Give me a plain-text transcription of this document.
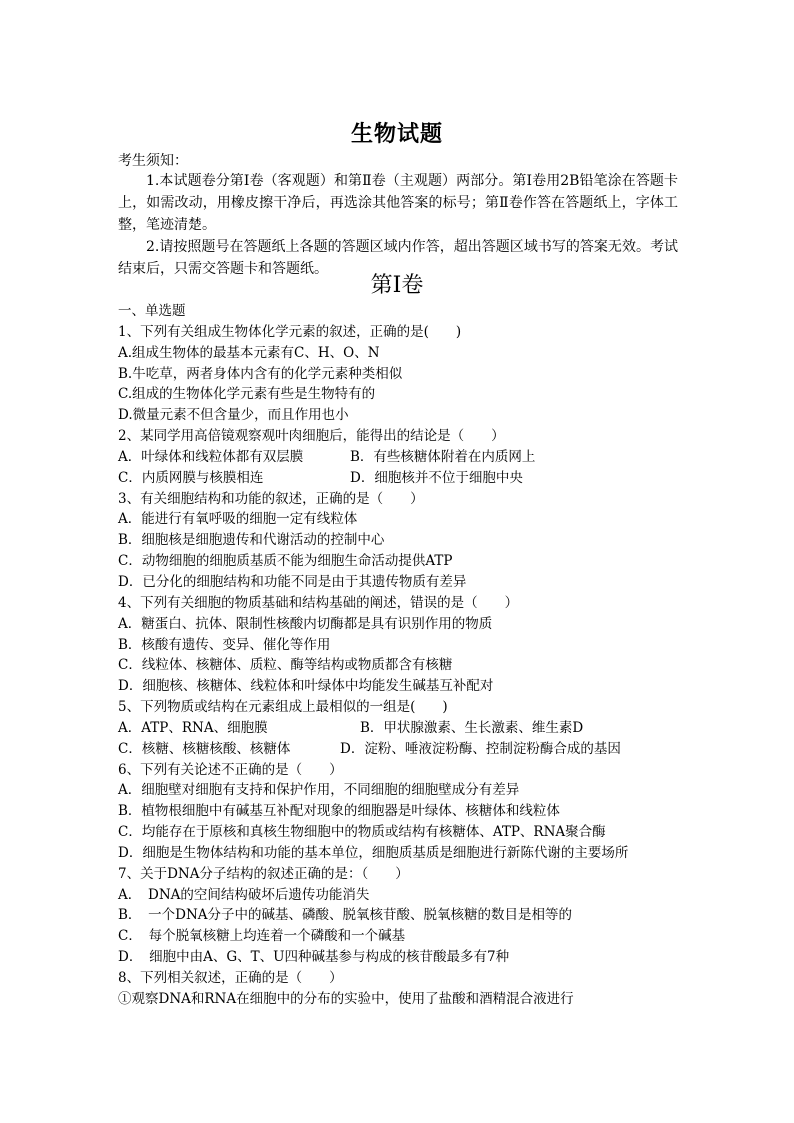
生物试题
考生须知：
1.本试题卷分第Ⅰ卷（客观题）和第Ⅱ卷（主观题）两部分。第Ⅰ卷用2B铅笔涂在答题卡上，如需改动，用橡皮擦干净后，再选涂其他答案的标号；第Ⅱ卷作答在答题纸上，字体工整，笔迹清楚。
2.请按照题号在答题纸上各题的答题区域内作答，超出答题区域书写的答案无效。考试结束后，只需交答题卡和答题纸。
第Ⅰ卷
一、单选题
1、下列有关组成生物体化学元素的叙述，正确的是(　　)
A.组成生物体的最基本元素有C、H、O、N
B.牛吃草，两者身体内含有的化学元素种类相似
C.组成的生物体化学元素有些是生物特有的
D.微量元素不但含量少，而且作用也小
2、某同学用高倍镜观察观叶肉细胞后，能得出的结论是（　　）
A．叶绿体和线粒体都有双层膜	B．有些核糖体附着在内质网上
C．内质网膜与核膜相连	D．细胞核并不位于细胞中央
3、有关细胞结构和功能的叙述，正确的是（　　）
A．能进行有氧呼吸的细胞一定有线粒体
B．细胞核是细胞遗传和代谢活动的控制中心
C．动物细胞的细胞质基质不能为细胞生命活动提供ATP
D．已分化的细胞结构和功能不同是由于其遗传物质有差异
4、下列有关细胞的物质基础和结构基础的阐述，错误的是（　　）
A．糖蛋白、抗体、限制性核酸内切酶都是具有识别作用的物质
B．核酸有遗传、变异、催化等作用
C．线粒体、核糖体、质粒、酶等结构或物质都含有核糖
D．细胞核、核糖体、线粒体和叶绿体中均能发生碱基互补配对
5、下列物质或结构在元素组成上最相似的一组是(　　)
A．ATP、RNA、细胞膜	B．甲状腺激素、生长激素、维生素D
C．核糖、核糖核酸、核糖体	D．淀粉、唾液淀粉酶、控制淀粉酶合成的基因
6、下列有关论述不正确的是（　　）
A．细胞壁对细胞有支持和保护作用，不同细胞的细胞壁成分有差异
B．植物根细胞中有碱基互补配对现象的细胞器是叶绿体、核糖体和线粒体
C．均能存在于原核和真核生物细胞中的物质或结构有核糖体、ATP、RNA聚合酶
D．细胞是生物体结构和功能的基本单位，细胞质基质是细胞进行新陈代谢的主要场所
7、关于DNA分子结构的叙述正确的是：（　　）
A．　DNA的空间结构破坏后遗传功能消失
B．　一个DNA分子中的碱基、磷酸、脱氧核苷酸、脱氧核糖的数目是相等的
C．　每个脱氧核糖上均连着一个磷酸和一个碱基
D．　细胞中由A、G、T、U四种碱基参与构成的核苷酸最多有7种
8、下列相关叙述，正确的是（　　）
①观察DNA和RNA在细胞中的分布的实验中，使用了盐酸和酒精混合液进行
